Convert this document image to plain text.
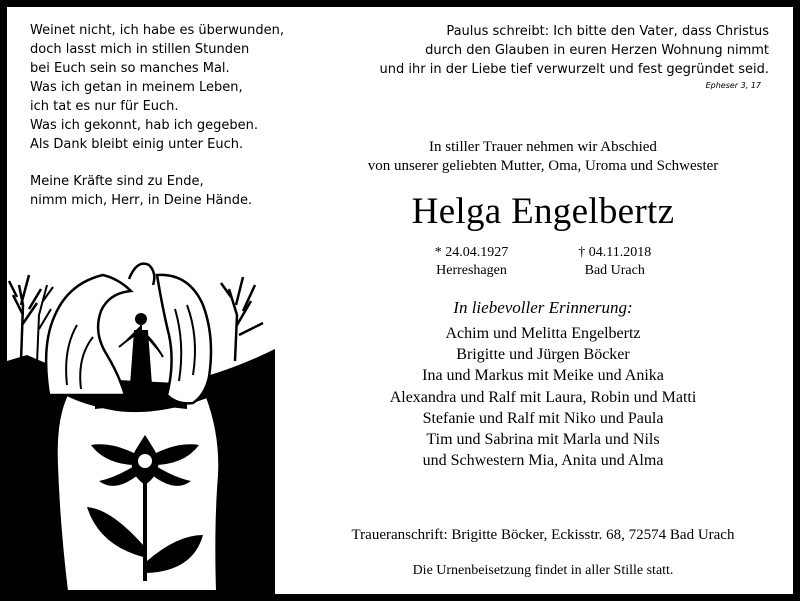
Weinet nicht, ich habe es überwunden,
doch lasst mich in stillen Stunden
bei Euch sein so manches Mal.
Was ich getan in meinem Leben,
ich tat es nur für Euch.
Was ich gekonnt, hab ich gegeben.
Als Dank bleibt einig unter Euch.
Meine Kräfte sind zu Ende,
nimm mich, Herr, in Deine Hände.
Paulus schreibt: Ich bitte den Vater, dass Christus
durch den Glauben in euren Herzen Wohnung nimmt
und ihr in der Liebe tief verwurzelt und fest gegründet seid.
Epheser 3, 17
In stiller Trauer nehmen wir Abschied
von unserer geliebten Mutter, Oma, Uroma und Schwester
Helga Engelbertz
* 24.04.1927
Herreshagen
† 04.11.2018
Bad Urach
In liebevoller Erinnerung:
Achim und Melitta Engelbertz
Brigitte und Jürgen Böcker
Ina und Markus mit Meike und Anika
Alexandra und Ralf mit Laura, Robin und Matti
Stefanie und Ralf mit Niko und Paula
Tim und Sabrina mit Marla und Nils
und Schwestern Mia, Anita und Alma
Traueranschrift: Brigitte Böcker, Eckisstr. 68, 72574 Bad Urach
Die Urnenbeisetzung findet in aller Stille statt.
